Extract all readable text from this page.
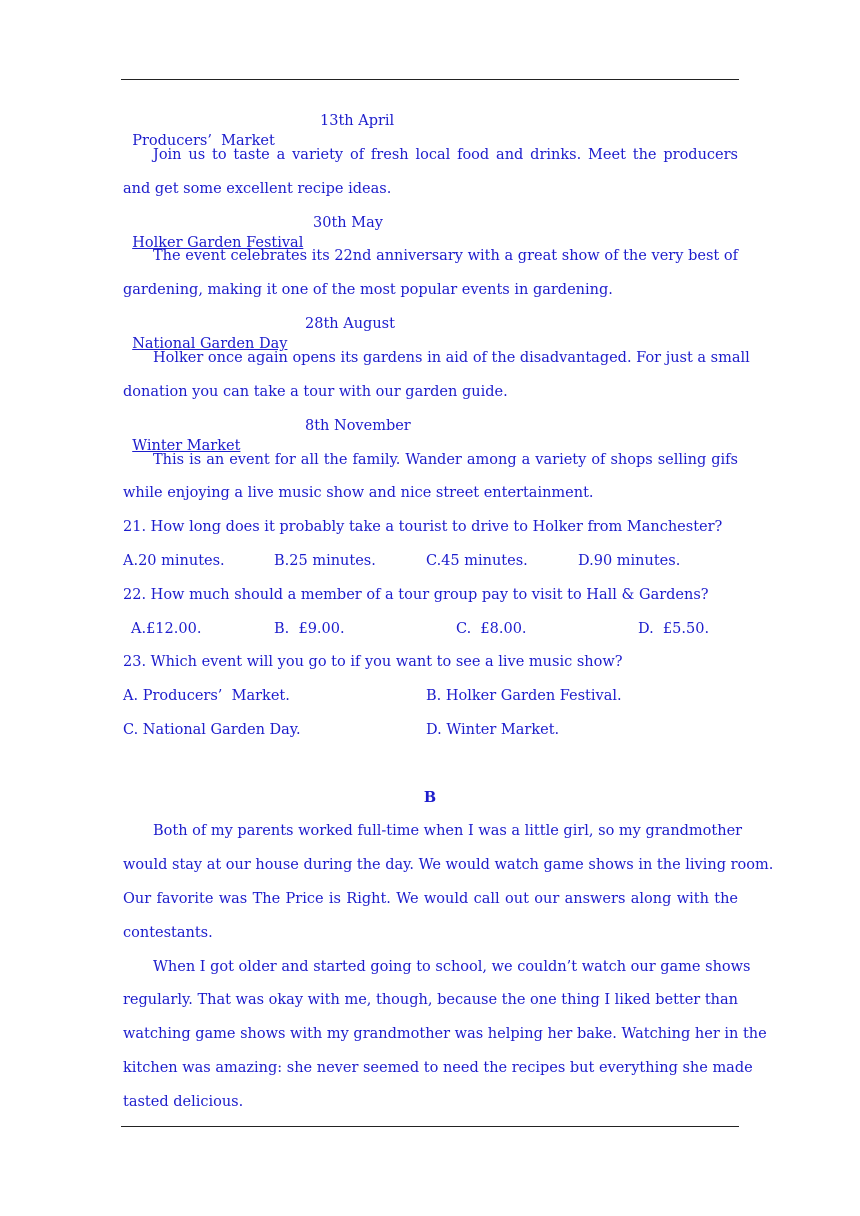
Producers’  Market
13th April

Join us to taste a variety of fresh local food and drinks. Meet the producers
and get some excellent recipe ideas.

Holker Garden Festival
30th May

The event celebrates its 22nd anniversary with a great show of the very best of
gardening, making it one of the most popular events in gardening.

National Garden Day
28th August

Holker once again opens its gardens in aid of the disadvantaged. For just a small
donation you can take a tour with our garden guide.

Winter Market
8th November

This is an event for all the family. Wander among a variety of shops selling gifs
while enjoying a live music show and nice street entertainment.
21. How long does it probably take a tourist to drive to Holker from Manchester?
A.20 minutes.	B.25 minutes.	C.45 minutes.	D.90 minutes.
22. How much should a member of a tour group pay to visit to Hall & Gardens?
A.£12.00.	B.  £9.00.	C.  £8.00.	D.  £5.50.
23. Which event will you go to if you want to see a live music show?
A. Producers’  Market.	B. Holker Garden Festival.
C. National Garden Day.	D. Winter Market.
B
Both of my parents worked full-time when I was a little girl, so my grandmother
would stay at our house during the day. We would watch game shows in the living room.
Our favorite was The Price is Right. We would call out our answers along with the
contestants.
When I got older and started going to school, we couldn’t watch our game shows
regularly. That was okay with me, though, because the one thing I liked better than
watching game shows with my grandmother was helping her bake. Watching her in the
kitchen was amazing: she never seemed to need the recipes but everything she made
tasted delicious.
